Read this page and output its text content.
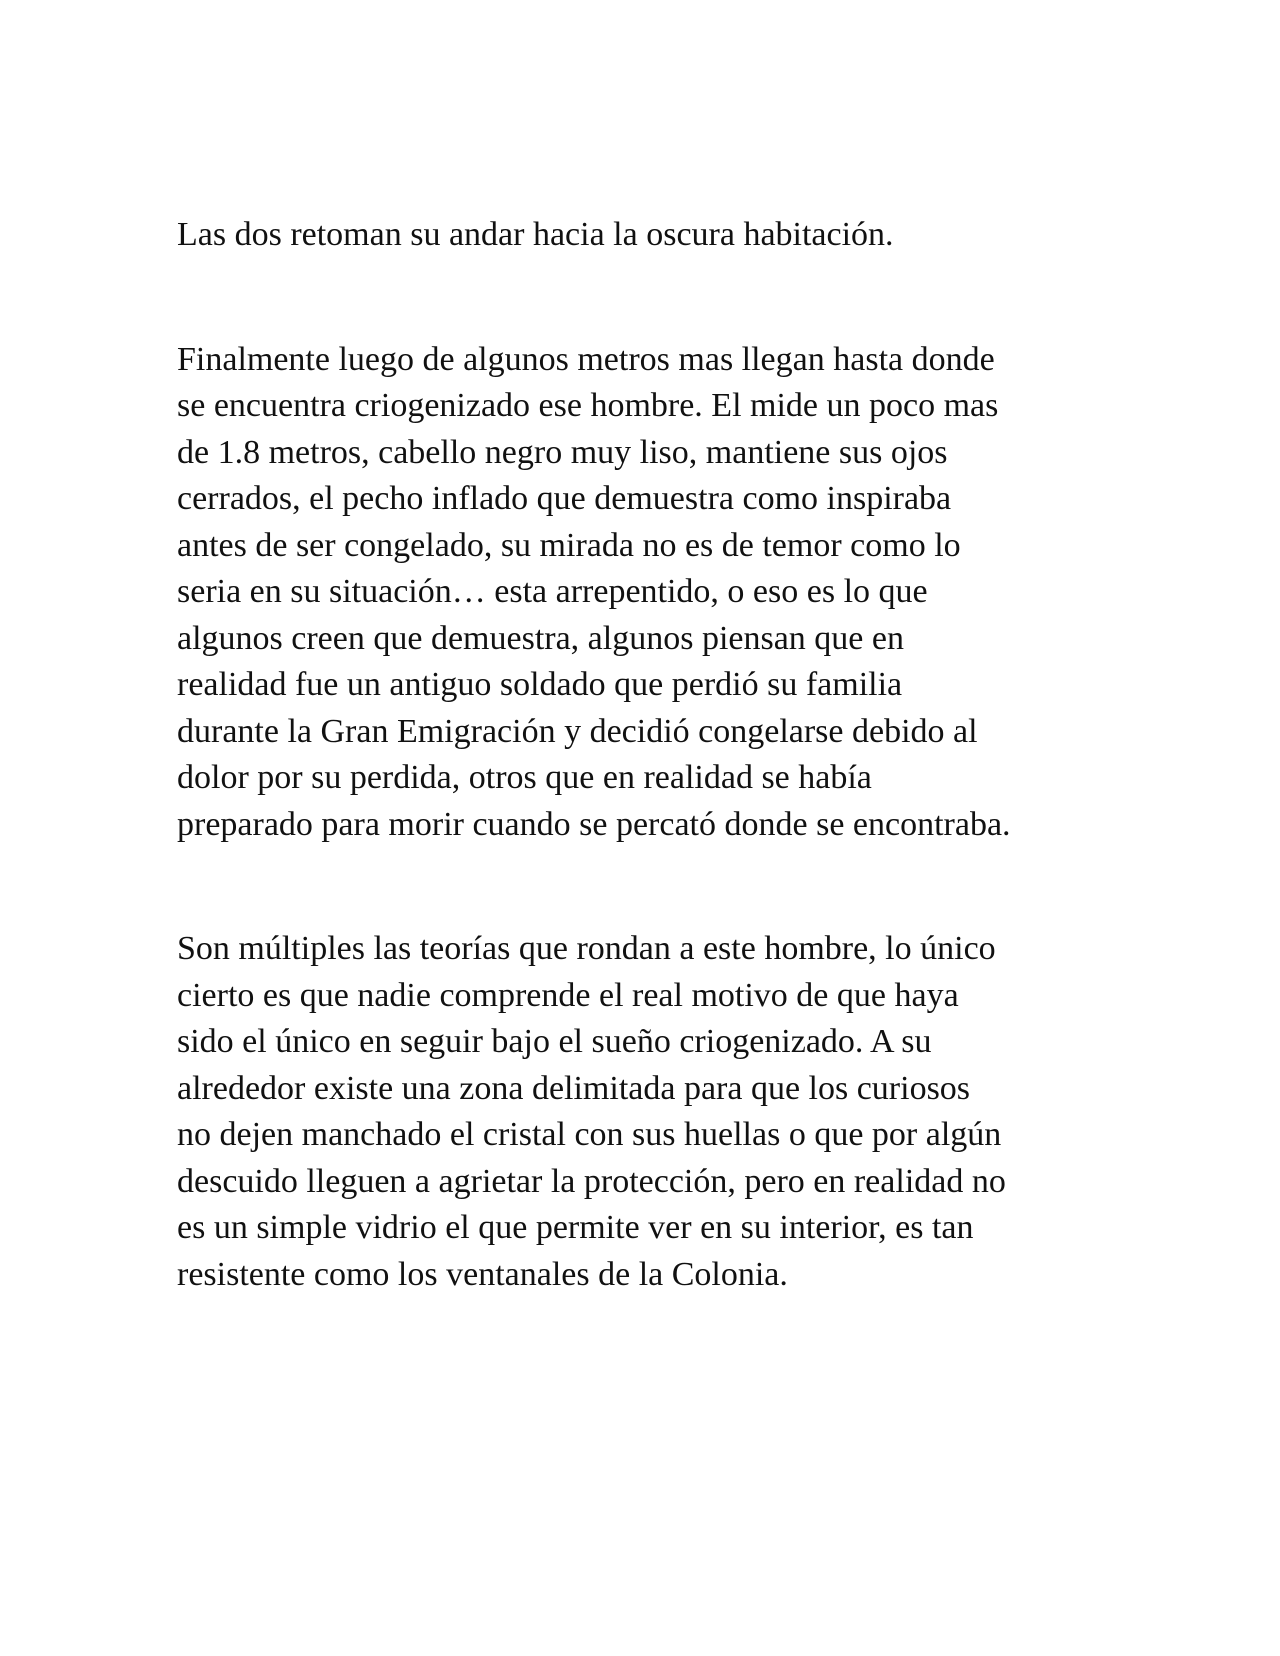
Las dos retoman su andar hacia la oscura habitación.

Finalmente luego de algunos metros mas llegan hasta donde
se encuentra criogenizado ese hombre. El mide un poco mas
de 1.8 metros, cabello negro muy liso, mantiene sus ojos
cerrados, el pecho inflado que demuestra como inspiraba
antes de ser congelado, su mirada no es de temor como lo
seria en su situación… esta arrepentido, o eso es lo que
algunos creen que demuestra, algunos piensan que en
realidad fue un antiguo soldado que perdió su familia
durante la Gran Emigración y decidió congelarse debido al
dolor por su perdida, otros que en realidad se había
preparado para morir cuando se percató donde se encontraba.

Son múltiples las teorías que rondan a este hombre, lo único
cierto es que nadie comprende el real motivo de que haya
sido el único en seguir bajo el sueño criogenizado. A su
alrededor existe una zona delimitada para que los curiosos
no dejen manchado el cristal con sus huellas o que por algún
descuido lleguen a agrietar la protección, pero en realidad no
es un simple vidrio el que permite ver en su interior, es tan
resistente como los ventanales de la Colonia.
